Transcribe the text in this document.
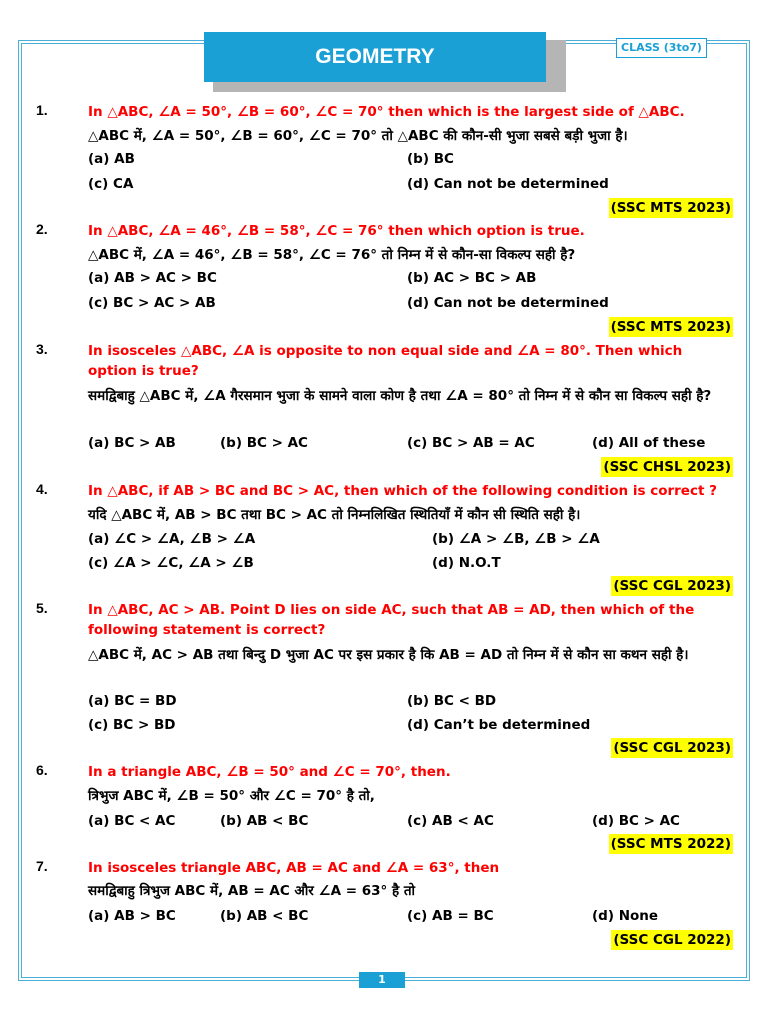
GEOMETRY	CLASS (3to7)
1.	In △ABC, ∠A = 50°, ∠B = 60°, ∠C = 70° then which is the largest side of △ABC.
△ABC में, ∠A = 50°, ∠B = 60°, ∠C = 70° तो △ABC की कौन-सी भुजा सबसे बड़ी भुजा है।
(a) AB	(b) BC
(c) CA	(d) Can not be determined
(SSC MTS 2023)
2.	In △ABC, ∠A = 46°, ∠B = 58°, ∠C = 76° then which option is true.
△ABC में, ∠A = 46°, ∠B = 58°, ∠C = 76° तो निम्न में से कौन-सा विकल्प सही है?
(a) AB > AC > BC	(b) AC > BC > AB
(c) BC > AC > AB	(d) Can not be determined
(SSC MTS 2023)
3.	In isosceles △ABC, ∠A is opposite to non equal side and ∠A = 80°. Then which option is true?
समद्विबाहु △ABC में, ∠A गैरसमान भुजा के सामने वाला कोण है तथा ∠A = 80° तो निम्न में से कौन सा विकल्प सही है?
(a) BC > AB	(b) BC > AC	(c) BC > AB = AC	(d) All of these
(SSC CHSL 2023)
4.	In △ABC, if AB > BC and BC > AC, then which of the following condition is correct ?
यदि △ABC में, AB > BC तथा BC > AC तो निम्नलिखित स्थितियाँ में कौन सी स्थिति सही है।
(a) ∠C > ∠A, ∠B > ∠A	(b) ∠A > ∠B, ∠B > ∠A
(c) ∠A > ∠C, ∠A > ∠B	(d) N.O.T
(SSC CGL 2023)
5.	In △ABC, AC > AB. Point D lies on side AC, such that AB = AD, then which of the following statement is correct?
△ABC में, AC > AB तथा बिन्दु D भुजा AC पर इस प्रकार है कि AB = AD तो निम्न में से कौन सा कथन सही है।
(a) BC = BD	(b) BC < BD
(c) BC > BD	(d) Can’t be determined
(SSC CGL 2023)
6.	In a triangle ABC, ∠B = 50° and ∠C = 70°, then.
त्रिभुज ABC में, ∠B = 50° और ∠C = 70° है तो,
(a) BC < AC	(b) AB < BC	(c) AB < AC	(d) BC > AC
(SSC MTS 2022)
7.	In isosceles triangle ABC, AB = AC and ∠A = 63°, then
समद्विबाहु त्रिभुज ABC में, AB = AC और ∠A = 63° है तो
(a) AB > BC	(b) AB < BC	(c) AB = BC	(d) None
(SSC CGL 2022)
1
